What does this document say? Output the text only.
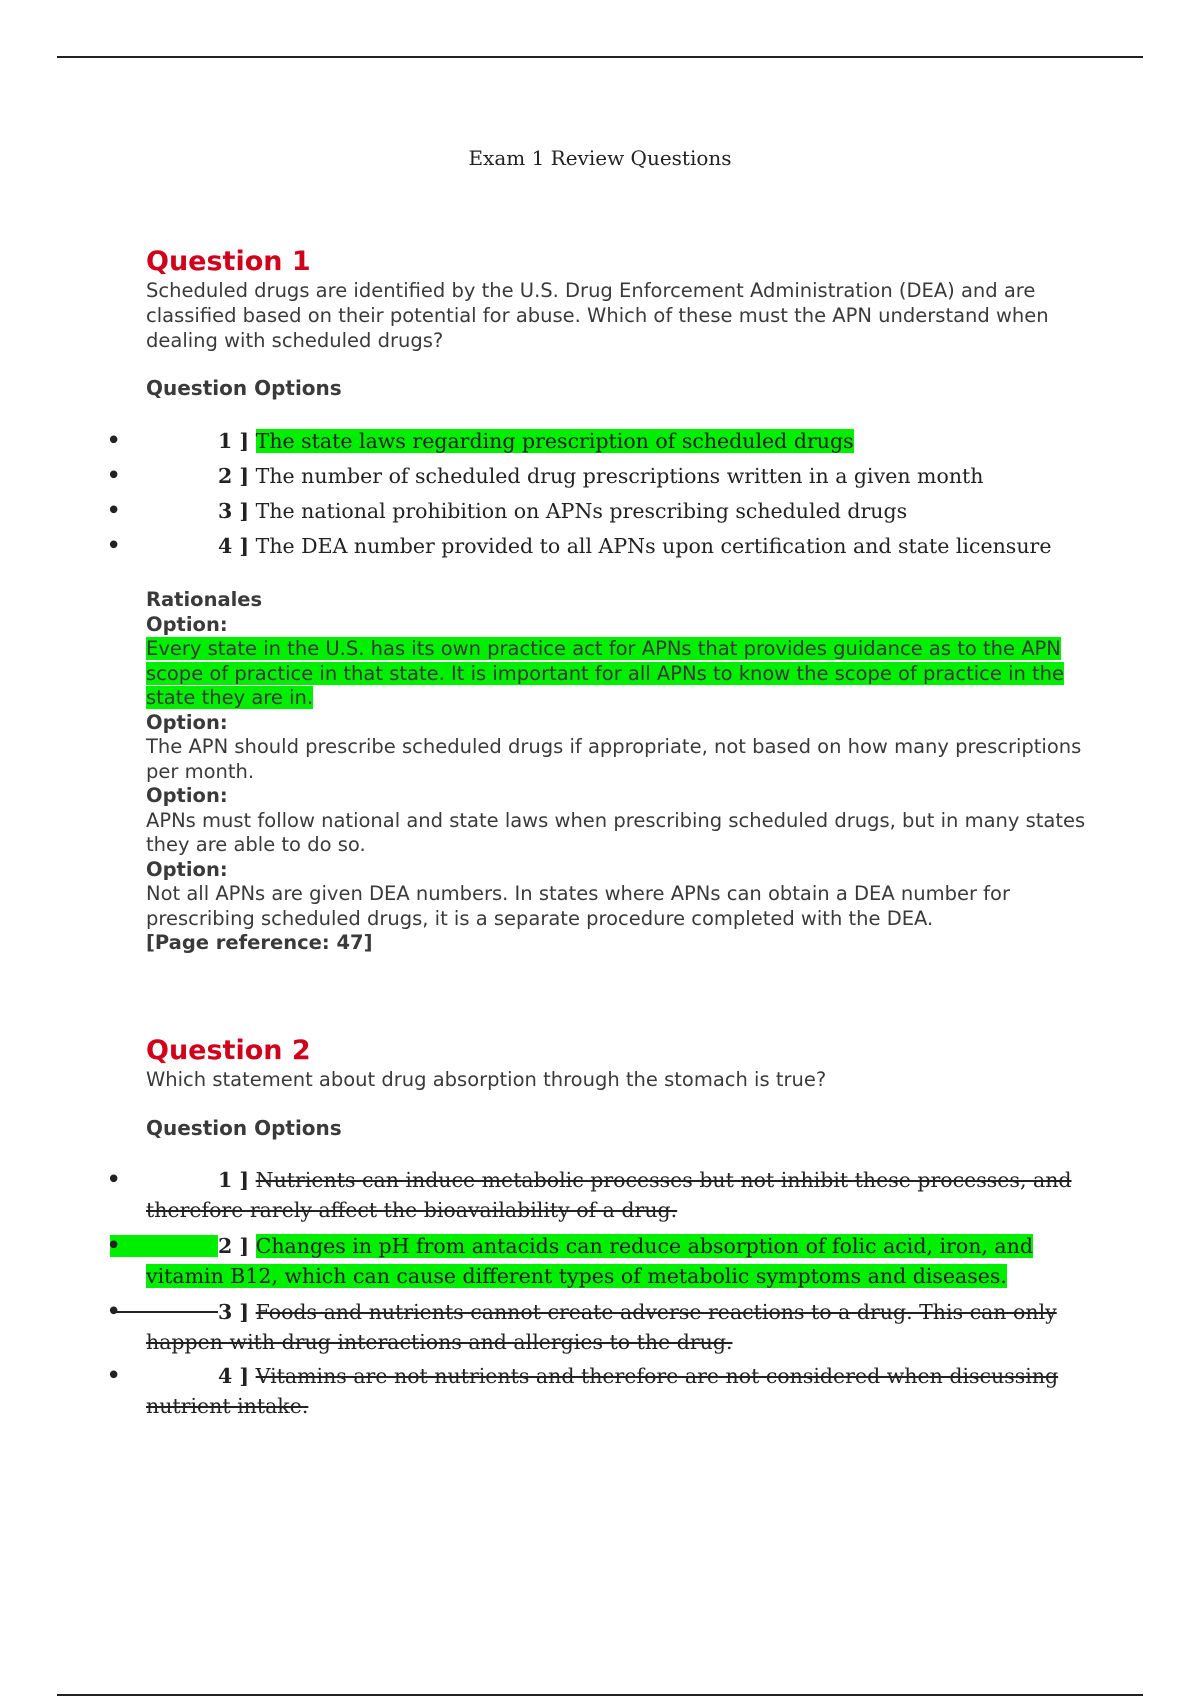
Exam 1 Review Questions
Question 1

Scheduled drugs are identified by the U.S. Drug Enforcement Administration (DEA) and are classified based on their potential for abuse. Which of these must the APN understand when dealing with scheduled drugs?

Question Options
•	1 ] The state laws regarding prescription of scheduled drugs
•	2 ] The number of scheduled drug prescriptions written in a given month
•	3 ] The national prohibition on APNs prescribing scheduled drugs
•	4 ] The DEA number provided to all APNs upon certification and state licensure

Rationales

Option:

Every state in the U.S. has its own practice act for APNs that provides guidance as to the APN scope of practice in that state. It is important for all APNs to know the scope of practice in the state they are in.

Option:

The APN should prescribe scheduled drugs if appropriate, not based on how many prescriptions per month.

Option:

APNs must follow national and state laws when prescribing scheduled drugs, but in many states they are able to do so.

Option:

Not all APNs are given DEA numbers. In states where APNs can obtain a DEA number for prescribing scheduled drugs, it is a separate procedure completed with the DEA.

[Page reference: 47]

Question 2

Which statement about drug absorption through the stomach is true?

Question Options
•	1 ] Nutrients can induce metabolic processes but not inhibit these processes, and therefore rarely affect the bioavailability of a drug.
•	2 ] Changes in pH from antacids can reduce absorption of folic acid, iron, and vitamin B12, which can cause different types of metabolic symptoms and diseases.
•	3 ] Foods and nutrients cannot create adverse reactions to a drug. This can only happen with drug interactions and allergies to the drug.
•	4 ] Vitamins are not nutrients and therefore are not considered when discussing nutrient intake.
